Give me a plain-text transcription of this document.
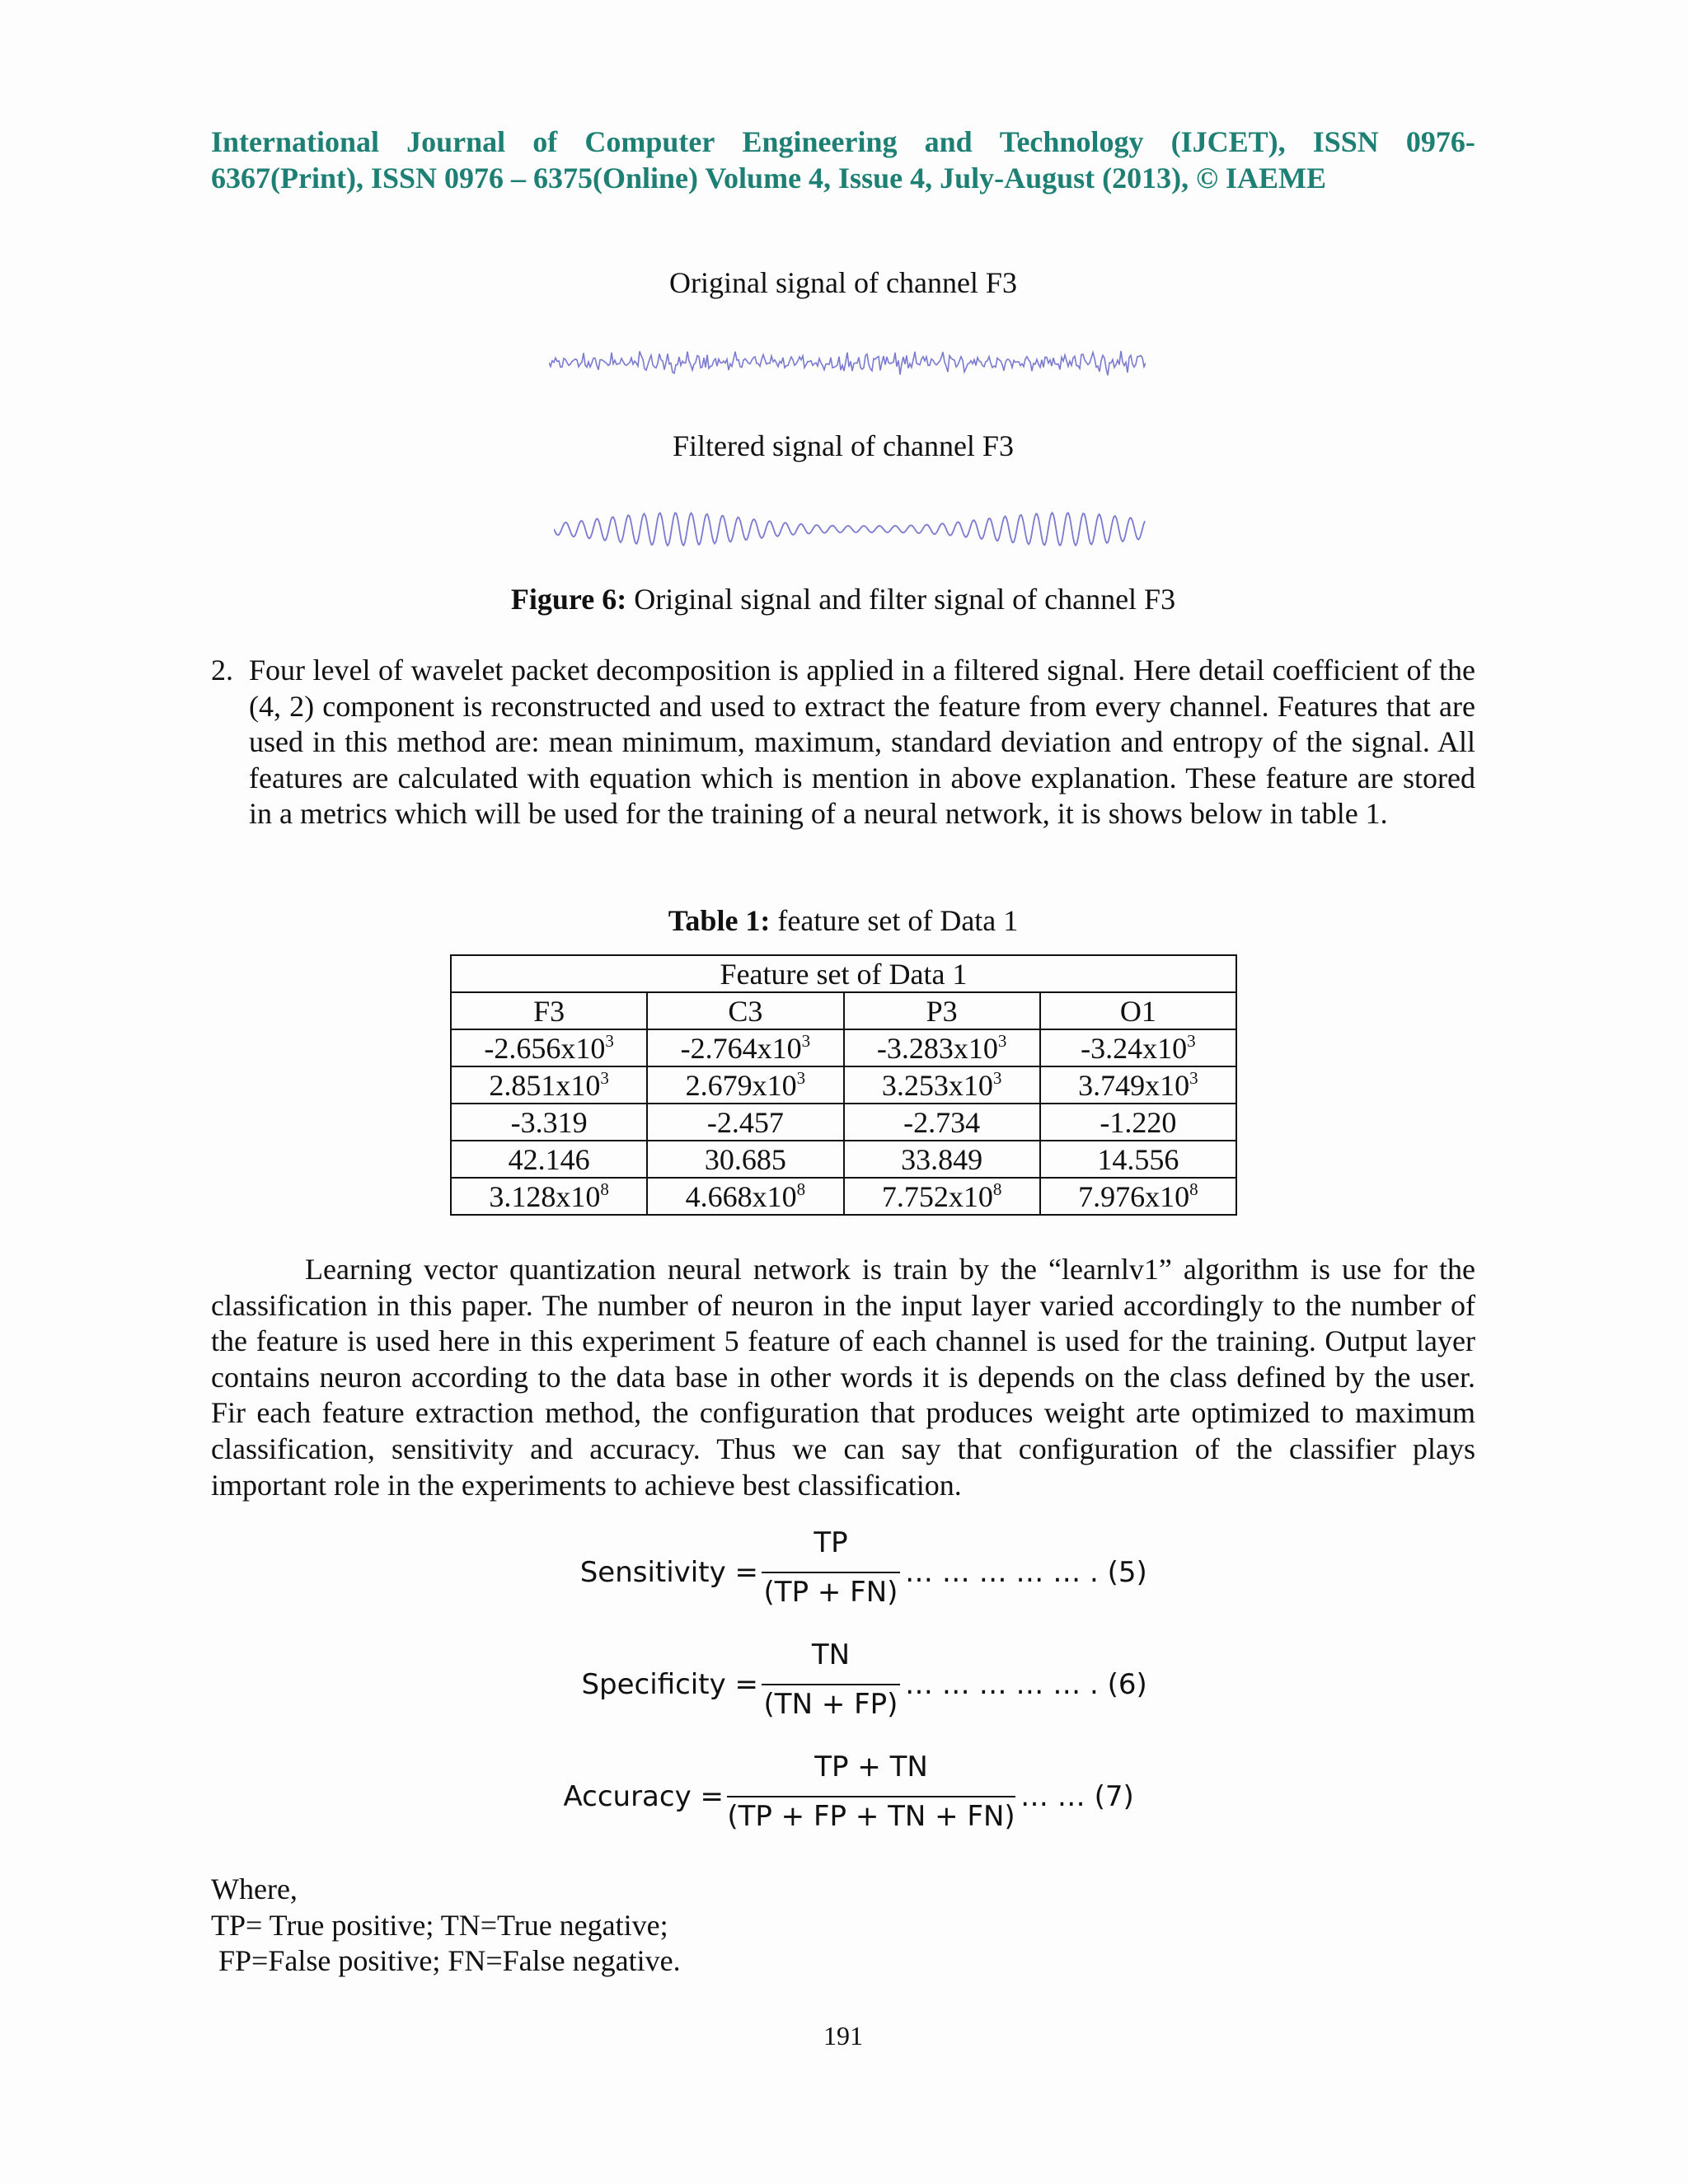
International Journal of Computer Engineering and Technology (IJCET), ISSN 0976-
6367(Print), ISSN 0976 – 6375(Online) Volume 4, Issue 4, July-August (2013), © IAEME
Original signal of channel F3
Filtered signal of channel F3
Figure 6: Original signal and filter signal of channel F3
2. Four level of wavelet packet decomposition is applied in a filtered signal. Here detail coefficient of the (4, 2) component is reconstructed and used to extract the feature from every channel. Features that are used in this method are: mean minimum, maximum, standard deviation and entropy of the signal. All features are calculated with equation which is mention in above explanation. These feature are stored in a metrics which will be used for the training of a neural network, it is shows below in table 1.
Table 1: feature set of Data 1
Feature set of Data 1			
F3	C3	P3	O1
$-2.656x10^3$	$-2.764x10^3$	$-3.283x10^3$	$-3.24x10^3$
$2.851x10^3$	$2.679x10^3$	$3.253x10^3$	$3.749x10^3$
-3.319	-2.457	-2.734	-1.220
42.146	30.685	33.849	14.556
$3.128x10^8$	$4.668x10^8$	$7.752x10^8$	$7.976x10^8$
Learning vector quantization neural network is train by the “learnlv1” algorithm is use for the classification in this paper. The number of neuron in the input layer varied accordingly to the number of the feature is used here in this experiment 5 feature of each channel is used for the training. Output layer contains neuron according to the data base in other words it is depends on the class defined by the user. Fir each feature extraction method, the configuration that produces weight arte optimized to maximum classification, sensitivity and accuracy. Thus we can say that configuration of the classifier plays important role in the experiments to achieve best classification.
Sensitivity =
TP
(TP + FN)
… … … … … . (5)
Specificity =
TN
(TN + FP)
… … … … … . (6)
Accuracy =
TP + TN
(TP + FP + TN + FN)
… … (7)
Where,
TP= True positive; TN=True negative;
FP=False positive; FN=False negative.
191
